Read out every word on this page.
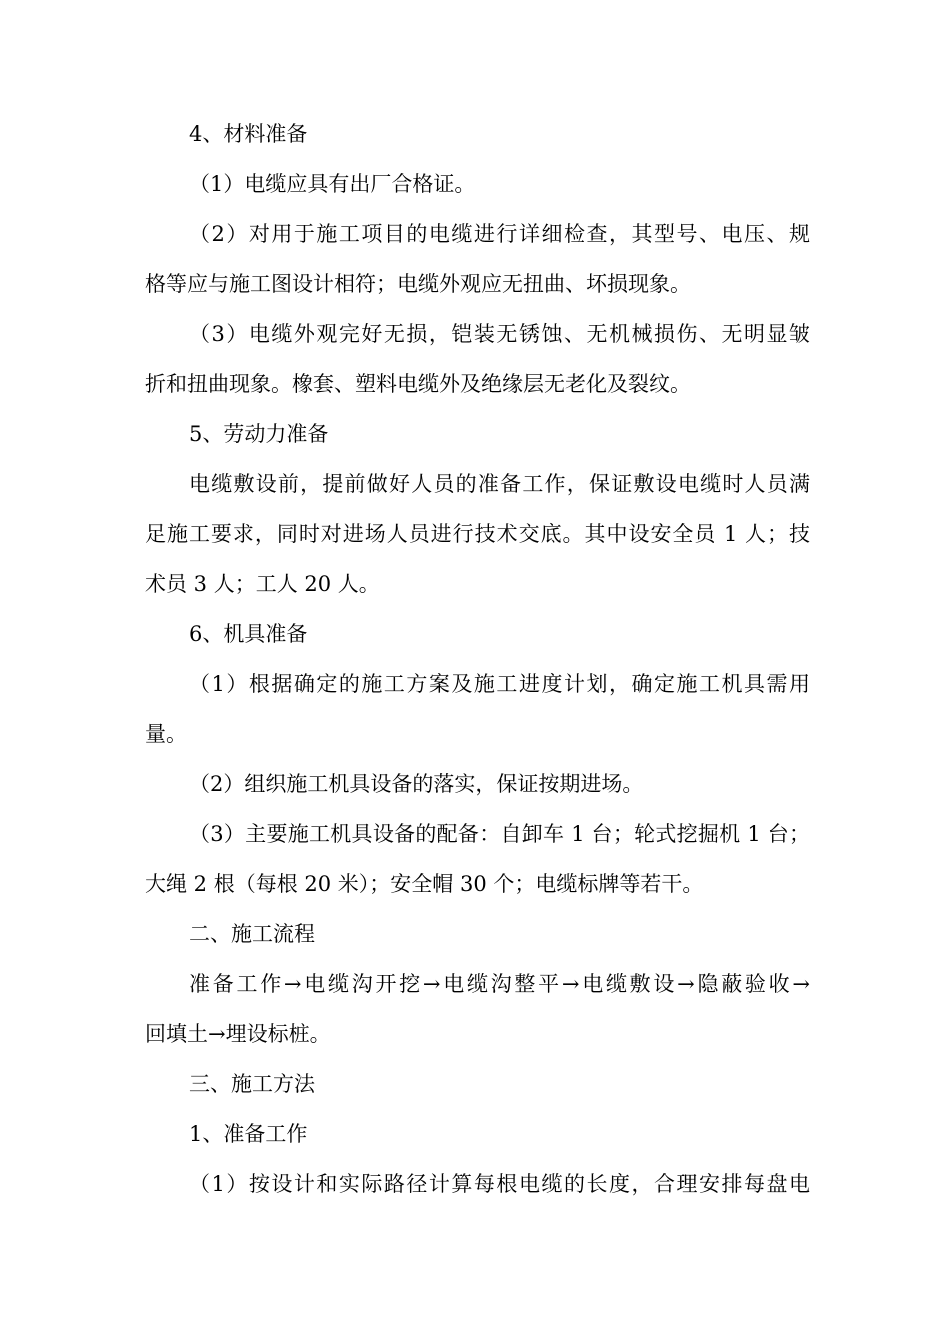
4、材料准备
（1）电缆应具有出厂合格证。
（2）对用于施工项目的电缆进行详细检查，其型号、电压、规
格等应与施工图设计相符；电缆外观应无扭曲、坏损现象。
（3）电缆外观完好无损，铠装无锈蚀、无机械损伤、无明显皱
折和扭曲现象。橡套、塑料电缆外及绝缘层无老化及裂纹。
5、劳动力准备
电缆敷设前，提前做好人员的准备工作，保证敷设电缆时人员满
足施工要求，同时对进场人员进行技术交底。其中设安全员 1 人；技
术员 3 人；工人 20 人。
6、机具准备
（1）根据确定的施工方案及施工进度计划，确定施工机具需用
量。
（2）组织施工机具设备的落实，保证按期进场。
（3）主要施工机具设备的配备：自卸车 1 台；轮式挖掘机 1 台；
大绳 2 根（每根 20 米）；安全帽 30 个；电缆标牌等若干。
二、施工流程
准备工作→电缆沟开挖→电缆沟整平→电缆敷设→隐蔽验收→
回填土→埋设标桩。
三、施工方法
1、准备工作
（1）按设计和实际路径计算每根电缆的长度，合理安排每盘电
